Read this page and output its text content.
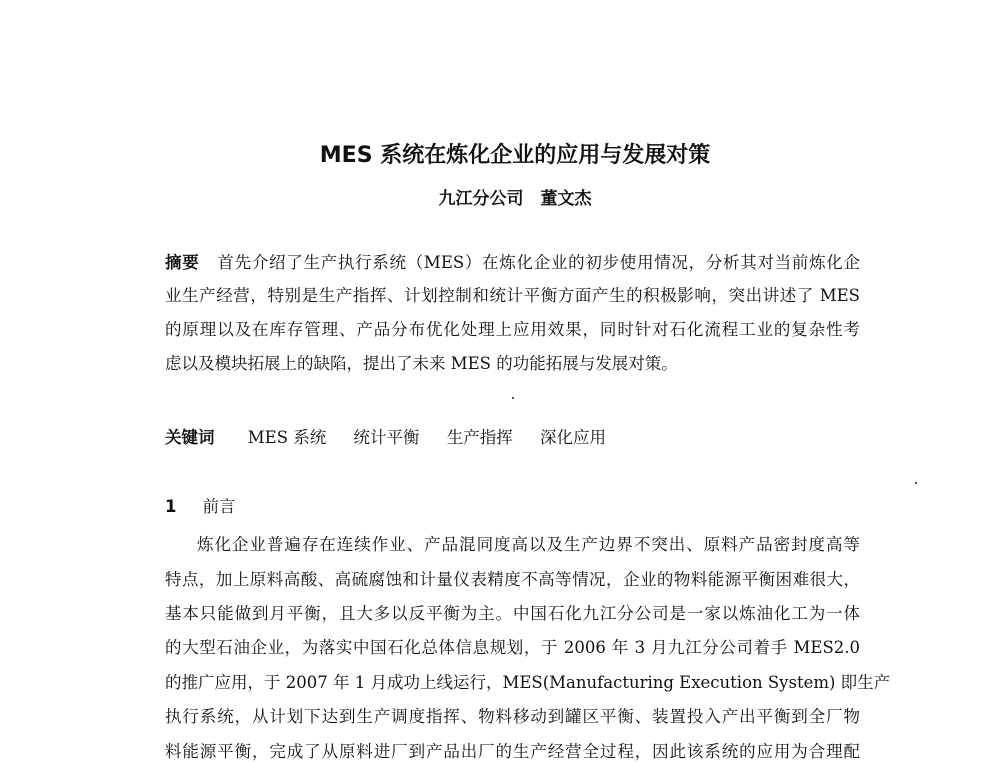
MES 系统在炼化企业的应用与发展对策
九江分公司　董文杰
摘要 首先介绍了生产执行系统（MES）在炼化企业的初步使用情况，分析其对当前炼化企
业生产经营，特别是生产指挥、计划控制和统计平衡方面产生的积极影响，突出讲述了 MES
的原理以及在库存管理、产品分布优化处理上应用效果，同时针对石化流程工业的复杂性考
虑以及模块拓展上的缺陷，提出了未来 MES 的功能拓展与发展对策。
关键词 MES 系统 统计平衡 生产指挥 深化应用
1 前言
炼化企业普遍存在连续作业、产品混同度高以及生产边界不突出、原料产品密封度高等
特点，加上原料高酸、高硫腐蚀和计量仪表精度不高等情况，企业的物料能源平衡困难很大，
基本只能做到月平衡，且大多以反平衡为主。中国石化九江分公司是一家以炼油化工为一体
的大型石油企业，为落实中国石化总体信息规划，于 2006 年 3 月九江分公司着手 MES2.0
的推广应用，于 2007 年 1 月成功上线运行，MES(Manufacturing Execution System) 即生产
执行系统，从计划下达到生产调度指挥、物料移动到罐区平衡、装置投入产出平衡到全厂物
料能源平衡，完成了从原料进厂到产品出厂的生产经营全过程，因此该系统的应用为合理配
